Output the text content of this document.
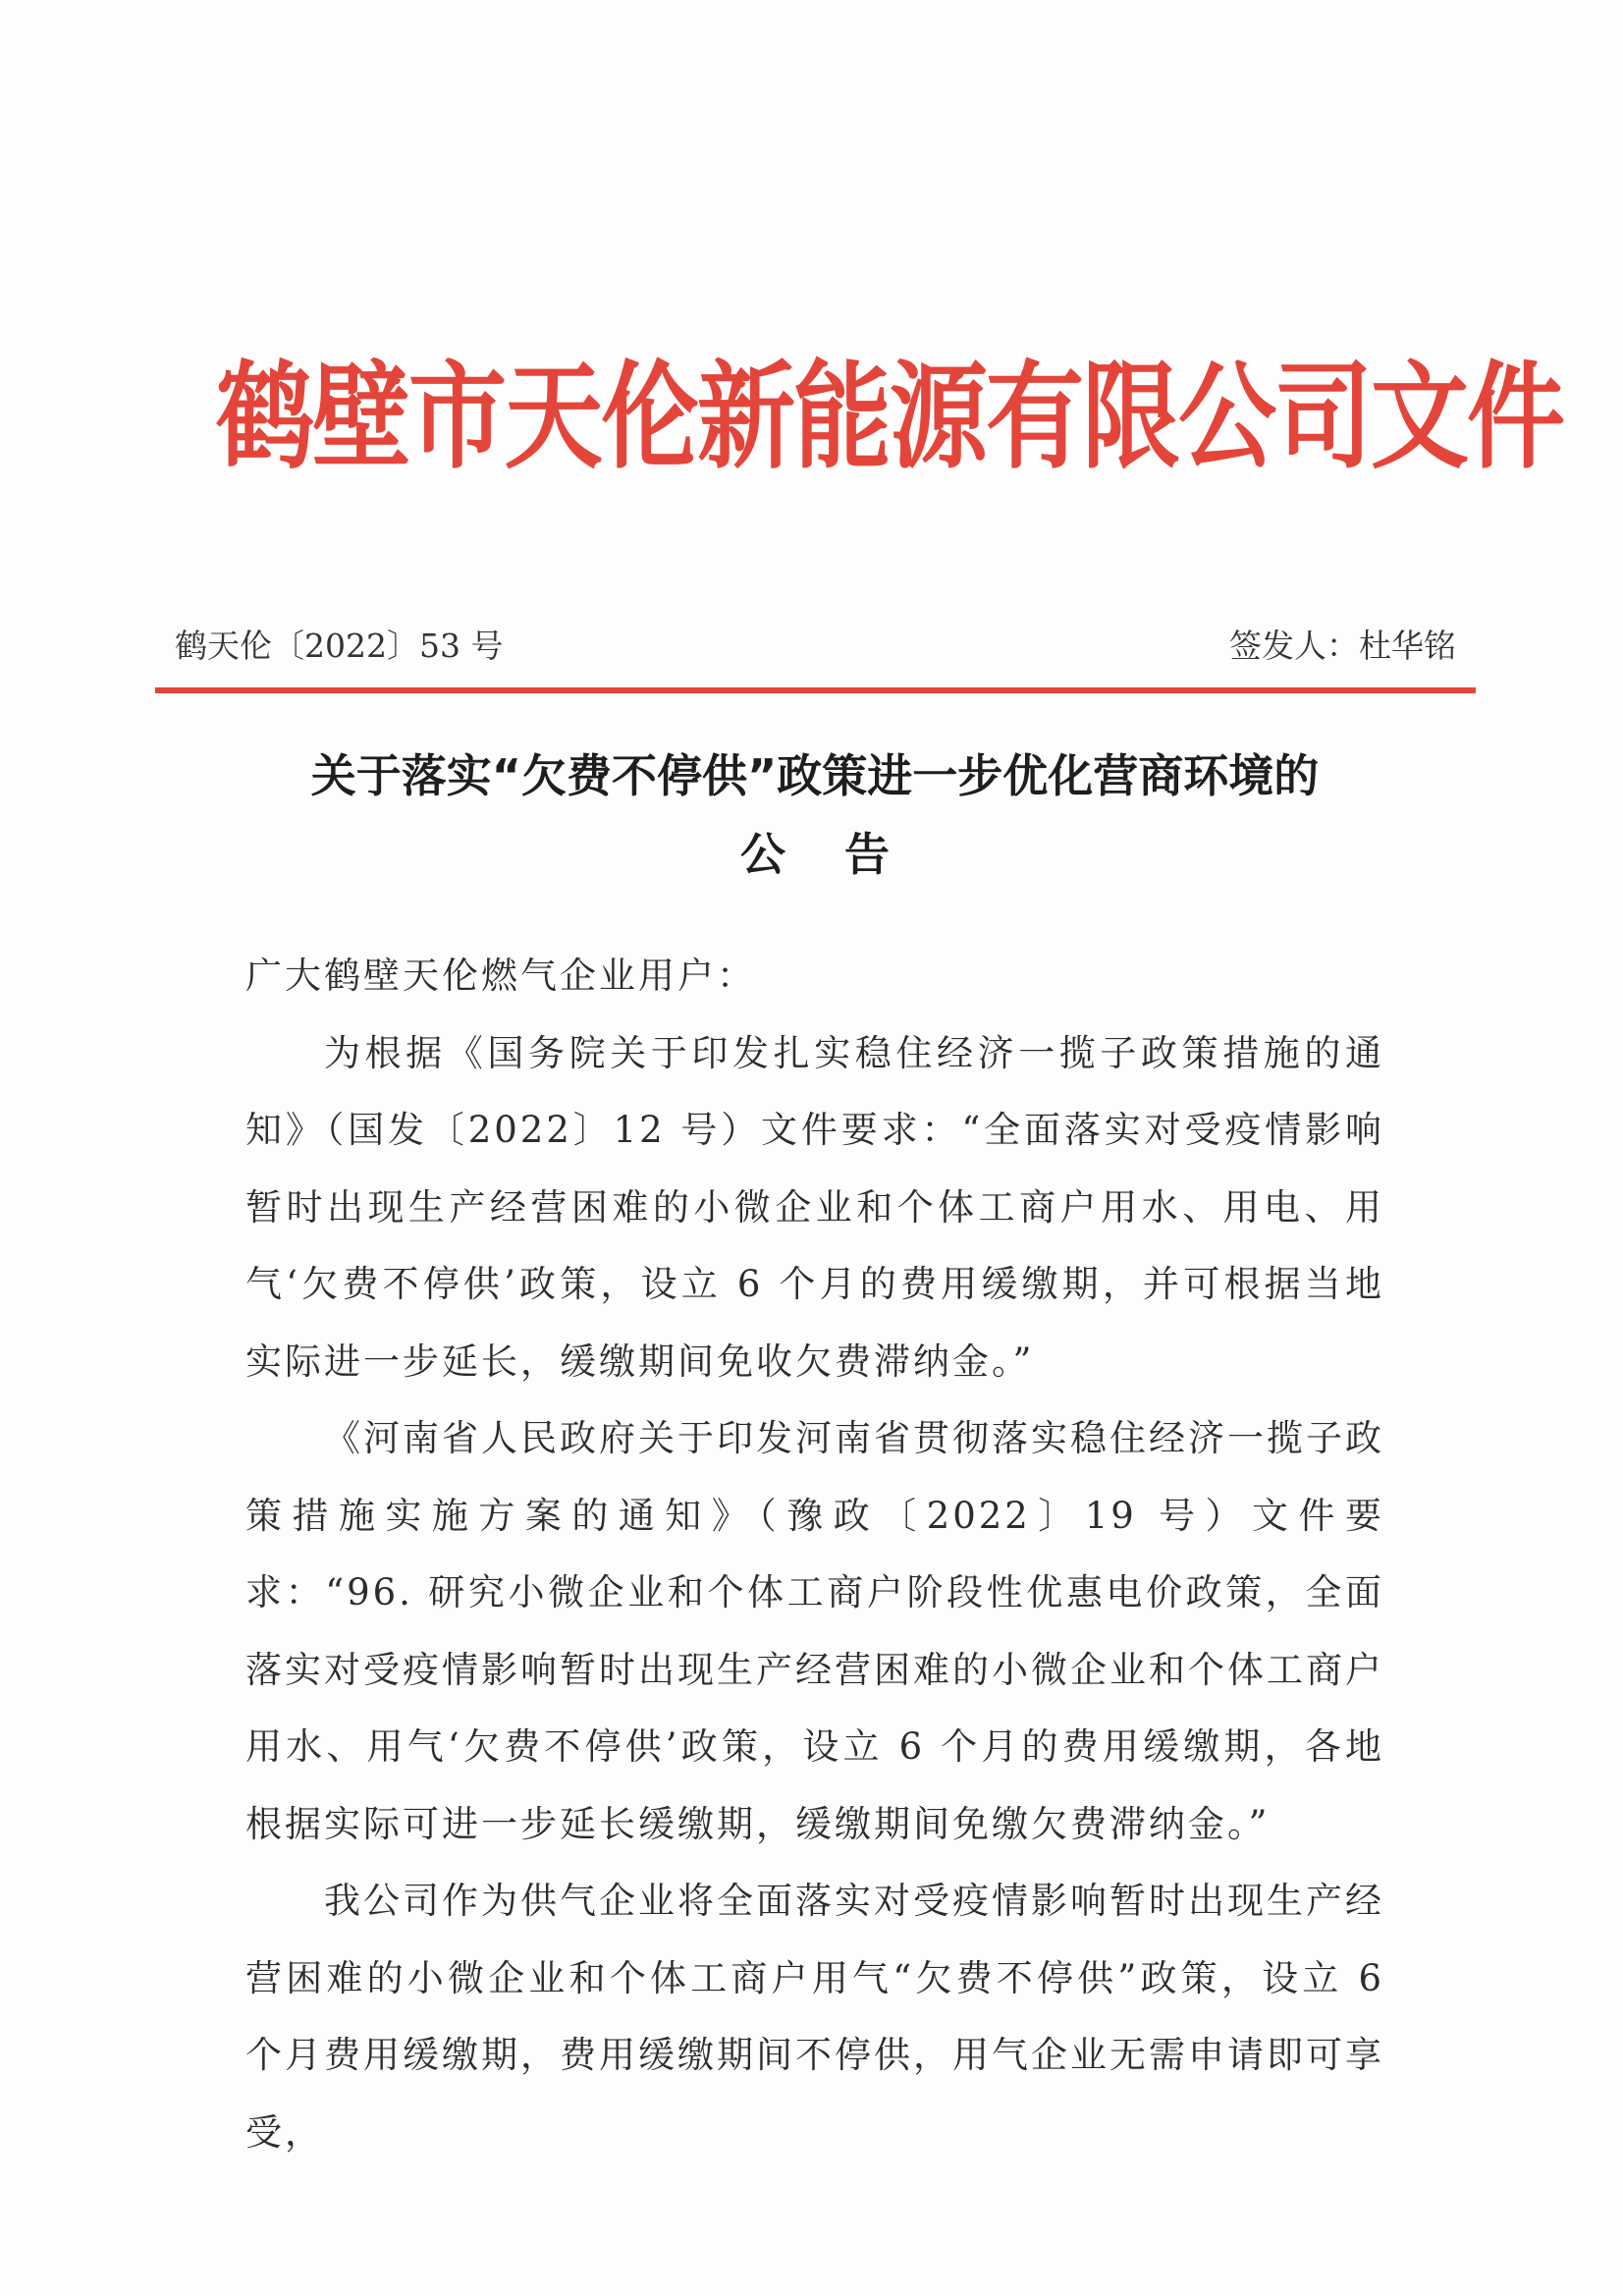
鹤壁市天伦新能源有限公司文件
鹤天伦〔2022〕53 号	签发人：杜华铭
关于落实“欠费不停供”政策进一步优化营商环境的
公告

广大鹤壁天伦燃气企业用户：

为根据《国务院关于印发扎实稳住经济一揽子政策措施的通知》（国发〔2022〕12 号）文件要求：“全面落实对受疫情影响暂时出现生产经营困难的小微企业和个体工商户用水、用电、用气‘欠费不停供’政策，设立 6 个月的费用缓缴期，并可根据当地实际进一步延长，缓缴期间免收欠费滞纳金。”

《河南省人民政府关于印发河南省贯彻落实稳住经济一揽子政策措施实施方案的通知》（豫政〔2022〕19 号）文件要求：“96. 研究小微企业和个体工商户阶段性优惠电价政策，全面落实对受疫情影响暂时出现生产经营困难的小微企业和个体工商户用水、用气‘欠费不停供’政策，设立 6 个月的费用缓缴期，各地根据实际可进一步延长缓缴期，缓缴期间免缴欠费滞纳金。”

我公司作为供气企业将全面落实对受疫情影响暂时出现生产经营困难的小微企业和个体工商户用气“欠费不停供”政策，设立 6 个月费用缓缴期，费用缓缴期间不停供，用气企业无需申请即可享受，
